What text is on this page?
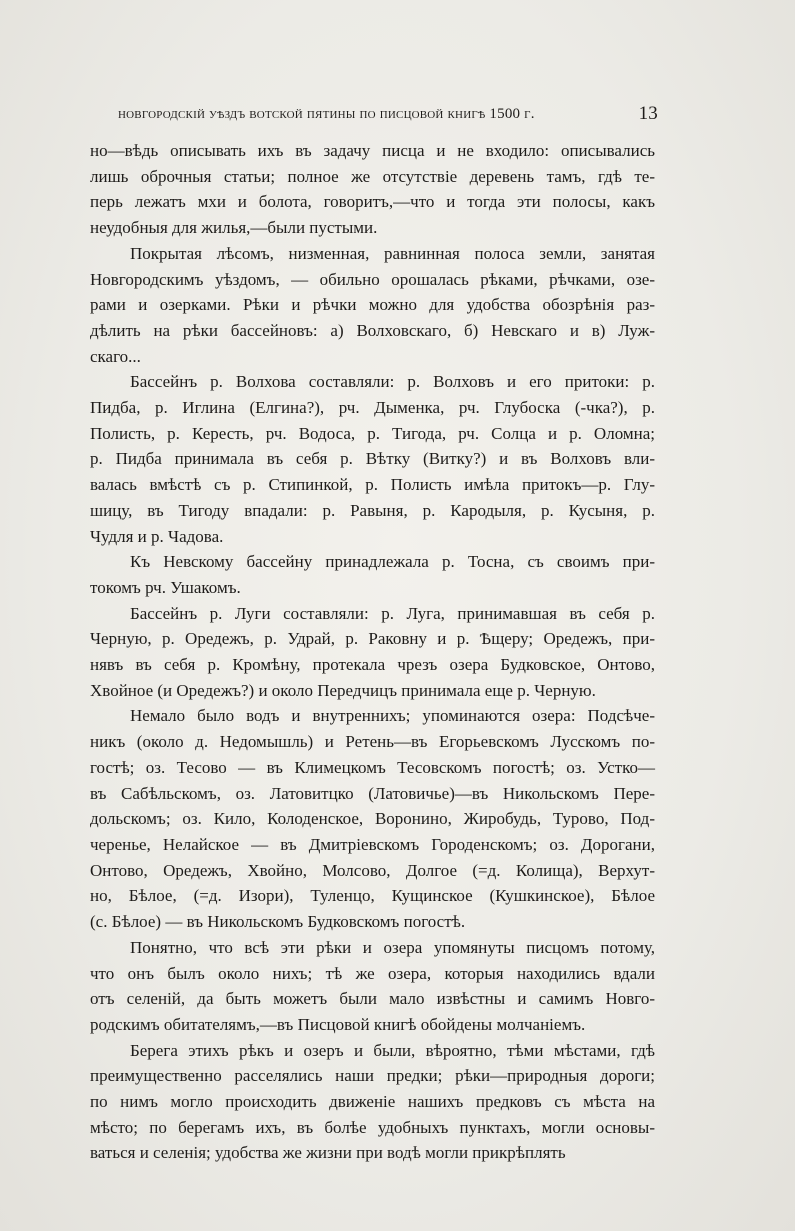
новгородскій уѣздъ вотской пятины по писцовой книгѣ 1500 г.	13

но—вѣдь описывать ихъ въ задачу писца и не входило: описывались
лишь оброчныя статьи; полное же отсутствіе деревень тамъ, гдѣ те-
перь лежатъ мхи и болота, говоритъ,—что и тогда эти полосы, какъ
неудобныя для жилья,—были пустыми.

Покрытая лѣсомъ, низменная, равнинная полоса земли, занятая
Новгородскимъ уѣздомъ, — обильно орошалась рѣками, рѣчками, озе-
рами и озерками. Рѣки и рѣчки можно для удобства обозрѣнія раз-
дѣлить на рѣки бассейновъ: а) Волховскаго, б) Невскаго и в) Луж-
скаго...

Бассейнъ р. Волхова составляли: р. Волховъ и его притоки: р.
Пидба, р. Иглина (Елгина?), рч. Дыменка, рч. Глубоска (-чка?), р.
Полисть, р. Кересть, рч. Водоса, р. Тигода, рч. Солца и р. Оломна;
р. Пидба принимала въ себя р. Вѣтку (Витку?) и въ Волховъ вли-
валась вмѣстѣ съ р. Стипинкой, р. Полисть имѣла притокъ—р. Глу-
шицу, въ Тигоду впадали: р. Равыня, р. Кародыля, р. Кусыня, р.
Чудля и р. Чадова.

Къ Невскому бассейну принадлежала р. Тосна, съ своимъ при-
токомъ рч. Ушакомъ.

Бассейнъ р. Луги составляли: р. Луга, принимавшая въ себя р.
Черную, р. Оредежъ, р. Удрай, р. Раковну и р. Ѣщеру; Оредежъ, при-
нявъ въ себя р. Кромѣну, протекала чрезъ озера Будковское, Онтово,
Хвойное (и Оредежъ?) и около Передчицъ принимала еще р. Черную.

Немало было водъ и внутреннихъ; упоминаются озера: Подсѣче-
никъ (около д. Недомышль) и Ретень—въ Егорьевскомъ Лусскомъ по-
гостѣ; оз. Тесово — въ Климецкомъ Тесовскомъ погостѣ; оз. Устко—
въ Сабѣльскомъ, оз. Латовитцко (Латовичье)—въ Никольскомъ Пере-
дольскомъ; оз. Кило, Колоденское, Воронино, Жиробудь, Турово, Под-
черенье, Нелайское — въ Дмитріевскомъ Городенскомъ; оз. Дорогани,
Онтово, Оредежъ, Хвойно, Молсово, Долгое (=д. Колища), Верхут-
но, Бѣлое, (=д. Изори), Туленцо, Кущинское (Кушкинское), Бѣлое
(с. Бѣлое) — въ Никольскомъ Будковскомъ погостѣ.

Понятно, что всѣ эти рѣки и озера упомянуты писцомъ потому,
что онъ былъ около нихъ; тѣ же озера, которыя находились вдали
отъ селеній, да быть можетъ были мало извѣстны и самимъ Новго-
родскимъ обитателямъ,—въ Писцовой книгѣ обойдены молчаніемъ.

Берега этихъ рѣкъ и озеръ и были, вѣроятно, тѣми мѣстами, гдѣ
преимущественно расселялись наши предки; рѣки—природныя дороги;
по нимъ могло происходить движеніе нашихъ предковъ съ мѣста на
мѣсто; по берегамъ ихъ, въ болѣе удобныхъ пунктахъ, могли основы-
ваться и селенія; удобства же жизни при водѣ могли прикрѣплять
